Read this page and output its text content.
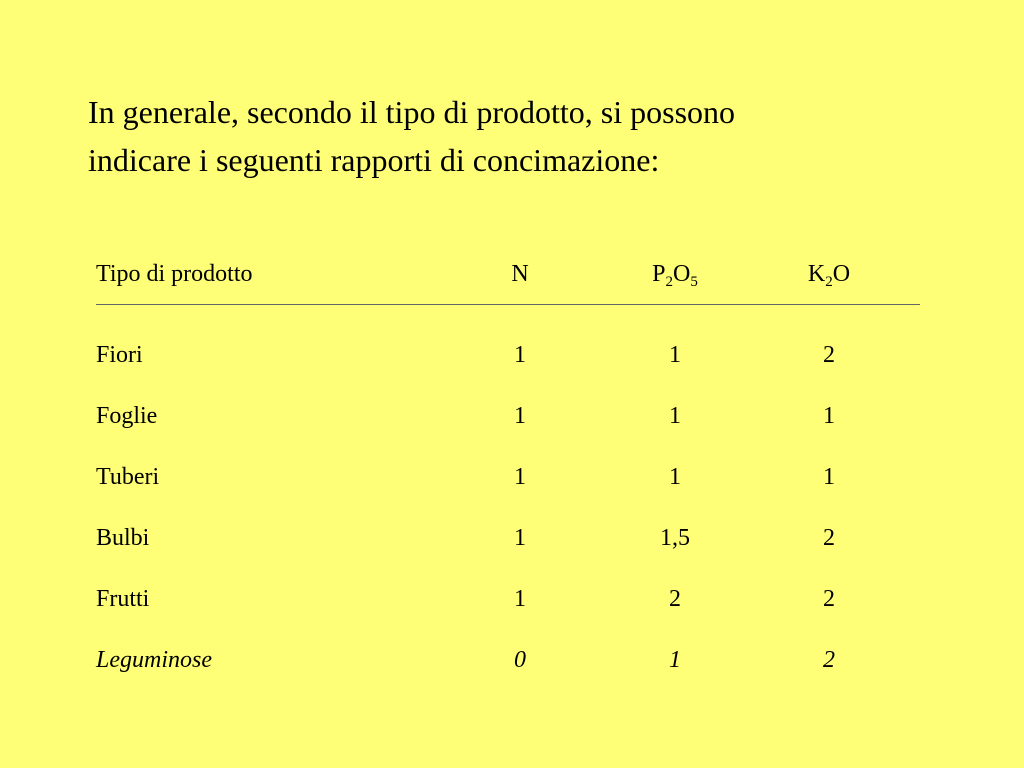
In generale, secondo il tipo di prodotto, si possono
indicare i seguenti rapporti di concimazione:

Tipo di prodotto	N	$P_2O_5$	$K_2O$
Fiori	1	1	2
Foglie	1	1	1
Tuberi	1	1	1
Bulbi	1	1,5	2
Frutti	1	2	2
Leguminose	0	1	2
